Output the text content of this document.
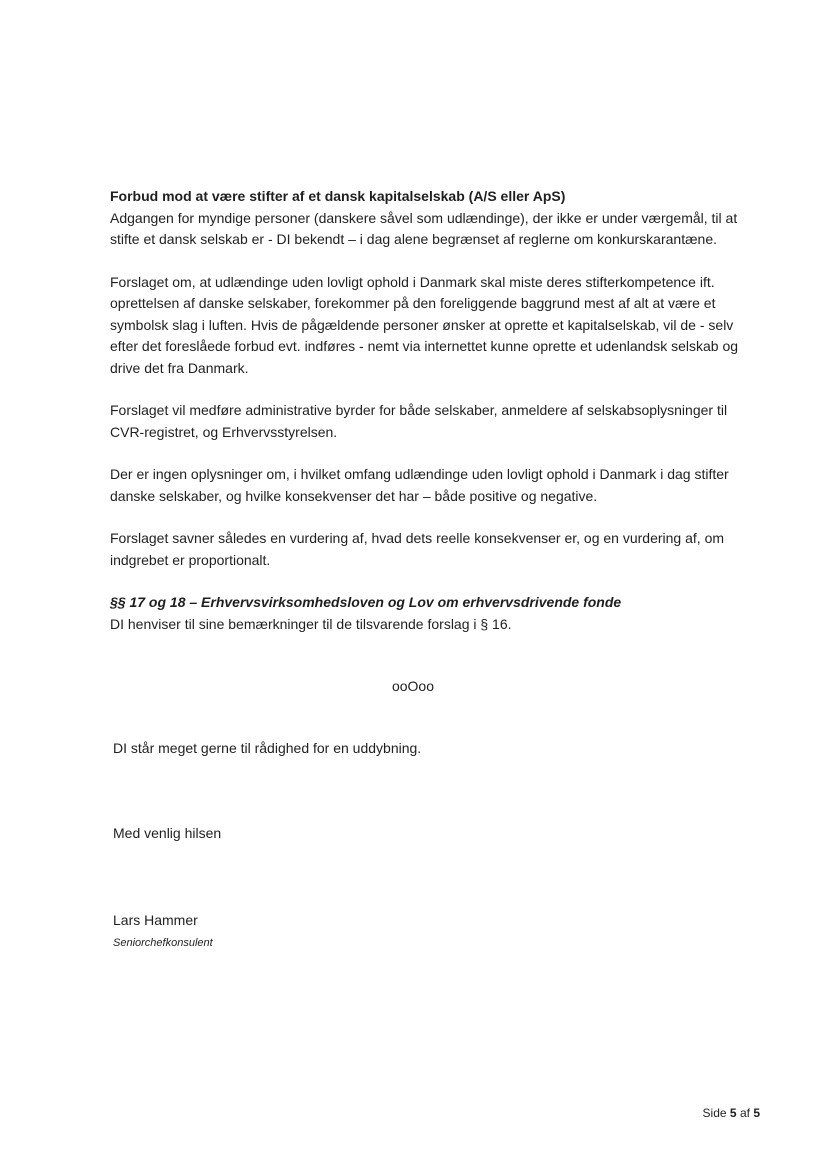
Forbud mod at være stifter af et dansk kapitalselskab (A/S eller ApS)

Adgangen for myndige personer (danskere såvel som udlændinge), der ikke er under værgemål, til at stifte et dansk selskab er - DI bekendt – i dag alene begrænset af reglerne om konkurskarantæne.

Forslaget om, at udlændinge uden lovligt ophold i Danmark skal miste deres stifterkompetence ift. oprettelsen af danske selskaber, forekommer på den foreliggende baggrund mest af alt at være et symbolsk slag i luften. Hvis de pågældende personer ønsker at oprette et kapitalselskab, vil de - selv efter det foreslåede forbud evt. indføres - nemt via internettet kunne oprette et udenlandsk selskab og drive det fra Danmark.

Forslaget vil medføre administrative byrder for både selskaber, anmeldere af selskabsoplysninger til CVR-registret, og Erhvervsstyrelsen.

Der er ingen oplysninger om, i hvilket omfang udlændinge uden lovligt ophold i Danmark i dag stifter danske selskaber, og hvilke konsekvenser det har – både positive og negative.

Forslaget savner således en vurdering af, hvad dets reelle konsekvenser er, og en vurdering af, om indgrebet er proportionalt.

§§ 17 og 18 – Erhvervsvirksomhedsloven og Lov om erhvervsdrivende fonde

DI henviser til sine bemærkninger til de tilsvarende forslag i § 16.

ooOoo
DI står meget gerne til rådighed for en uddybning.
Med venlig hilsen
Lars Hammer
Seniorchefkonsulent
Side 5 af 5
